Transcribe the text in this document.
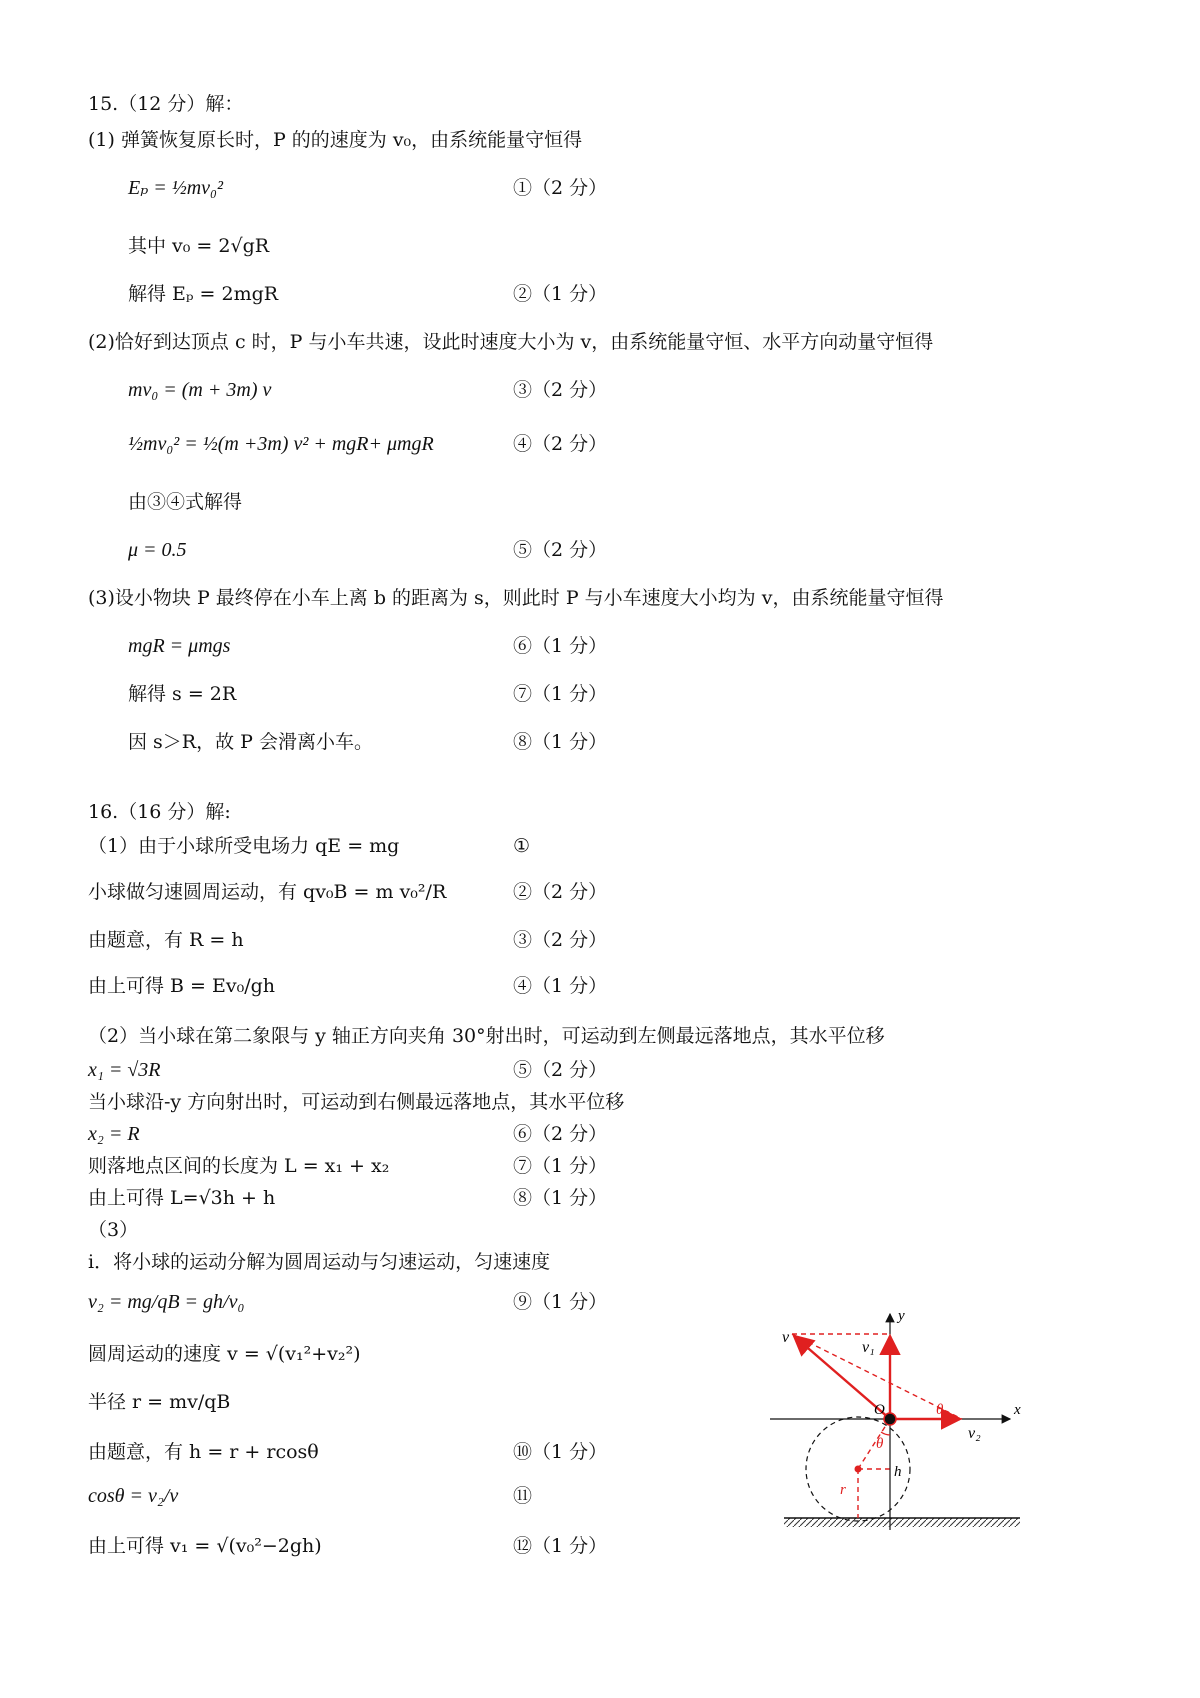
15.（12 分）解：
(1) 弹簧恢复原长时，P 的的速度为 v₀，由系统能量守恒得
Eₚ = ½mv₀²	①（2 分）
其中 v₀ = 2√gR
解得 Eₚ = 2mgR	②（1 分）
(2)恰好到达顶点 c 时，P 与小车共速，设此时速度大小为 v，由系统能量守恒、水平方向动量守恒得
mv₀ = (m + 3m) v	③（2 分）
½mv₀² = ½(m +3m) v² + mgR+ μmgR	④（2 分）
由③④式解得
μ = 0.5	⑤（2 分）
(3)设小物块 P 最终停在小车上离 b 的距离为 s，则此时 P 与小车速度大小均为 v，由系统能量守恒得
mgR = μmgs	⑥（1 分）
解得 s = 2R	⑦（1 分）
因 s＞R，故 P 会滑离小车。	⑧（1 分）
16.（16 分）解:
（1）由于小球所受电场力 qE = mg	①
小球做匀速圆周运动，有 qv₀B = m v₀²/R	②（2 分）
由题意，有 R = h	③（2 分）
由上可得 B = Ev₀/gh	④（1 分）
（2）当小球在第二象限与 y 轴正方向夹角 30°射出时，可运动到左侧最远落地点，其水平位移
x₁ = √3R	⑤（2 分）
当小球沿-y 方向射出时，可运动到右侧最远落地点，其水平位移
x₂ = R	⑥（2 分）
则落地点区间的长度为 L = x₁ + x₂	⑦（1 分）
由上可得 L=√3h + h	⑧（1 分）
（3）
i．将小球的运动分解为圆周运动与匀速运动，匀速速度
v₂ = mg/qB = gh/v₀	⑨（1 分）
圆周运动的速度 v = √(v₁²+v₂²)
半径 r = mv/qB
由题意，有 h = r + rcosθ	⑩（1 分）
cosθ = v₂/v	⑪
由上可得 v₁ = √(v₀²−2gh)	⑫（1 分）
x
y
O
v
v₁
v₂
θ
θ
r
h
